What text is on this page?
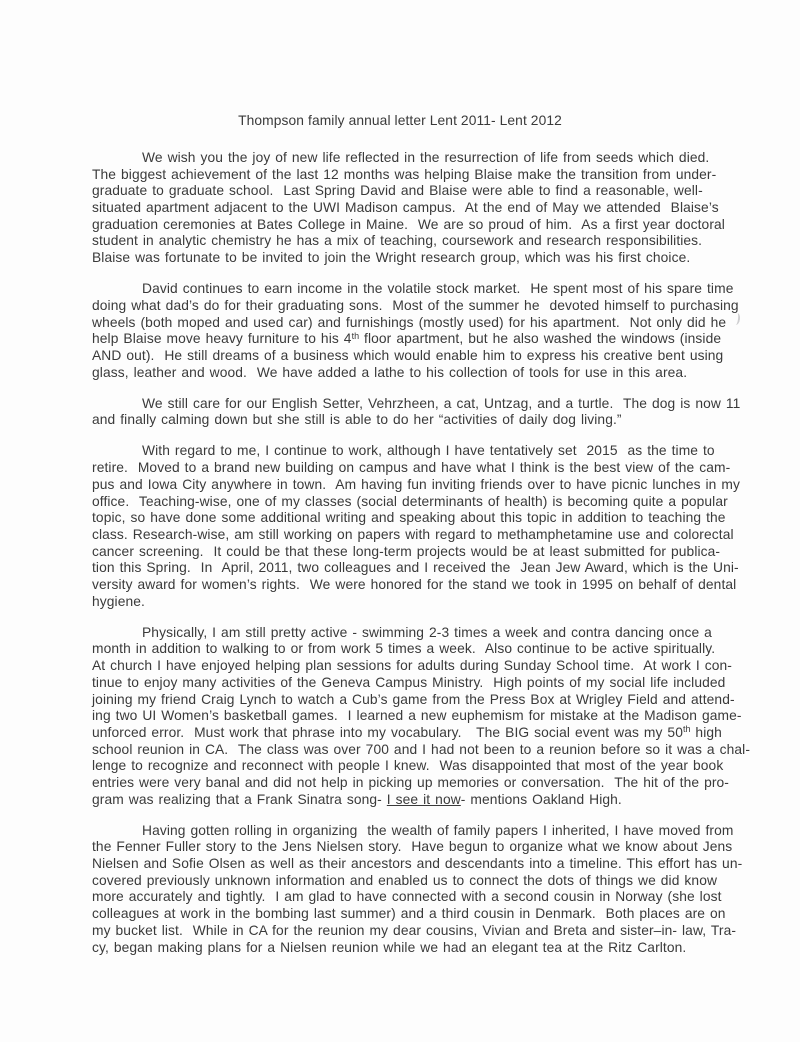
Thompson family annual letter Lent 2011- Lent 2012
We wish you the joy of new life reflected in the resurrection of life from seeds which died.
The biggest achievement of the last 12 months was helping Blaise make the transition from under-
graduate to graduate school.  Last Spring David and Blaise were able to find a reasonable, well-
situated apartment adjacent to the UWI Madison campus.  At the end of May we attended  Blaise’s
graduation ceremonies at Bates College in Maine.  We are so proud of him.  As a first year doctoral
student in analytic chemistry he has a mix of teaching, coursework and research responsibilities.
Blaise was fortunate to be invited to join the Wright research group, which was his first choice.
David continues to earn income in the volatile stock market.  He spent most of his spare time
doing what dad’s do for their graduating sons.  Most of the summer he  devoted himself to purchasing
wheels (both moped and used car) and furnishings (mostly used) for his apartment.  Not only did he
help Blaise move heavy furniture to his 4th floor apartment, but he also washed the windows (inside
AND out).  He still dreams of a business which would enable him to express his creative bent using
glass, leather and wood.  We have added a lathe to his collection of tools for use in this area.
We still care for our English Setter, Vehrzheen, a cat, Untzag, and a turtle.  The dog is now 11
and finally calming down but she still is able to do her “activities of daily dog living.”
With regard to me, I continue to work, although I have tentatively set  2015  as the time to
retire.  Moved to a brand new building on campus and have what I think is the best view of the cam-
pus and Iowa City anywhere in town.  Am having fun inviting friends over to have picnic lunches in my
office.  Teaching-wise, one of my classes (social determinants of health) is becoming quite a popular
topic, so have done some additional writing and speaking about this topic in addition to teaching the
class. Research-wise, am still working on papers with regard to methamphetamine use and colorectal
cancer screening.  It could be that these long-term projects would be at least submitted for publica-
tion this Spring.  In  April, 2011, two colleagues and I received the  Jean Jew Award, which is the Uni-
versity award for women’s rights.  We were honored for the stand we took in 1995 on behalf of dental
hygiene.
Physically, I am still pretty active - swimming 2-3 times a week and contra dancing once a
month in addition to walking to or from work 5 times a week.  Also continue to be active spiritually.
At church I have enjoyed helping plan sessions for adults during Sunday School time.  At work I con-
tinue to enjoy many activities of the Geneva Campus Ministry.  High points of my social life included
joining my friend Craig Lynch to watch a Cub’s game from the Press Box at Wrigley Field and attend-
ing two UI Women’s basketball games.  I learned a new euphemism for mistake at the Madison game-
unforced error.  Must work that phrase into my vocabulary.   The BIG social event was my 50th high
school reunion in CA.  The class was over 700 and I had not been to a reunion before so it was a chal-
lenge to recognize and reconnect with people I knew.  Was disappointed that most of the year book
entries were very banal and did not help in picking up memories or conversation.  The hit of the pro-
gram was realizing that a Frank Sinatra song- I see it now- mentions Oakland High.
Having gotten rolling in organizing  the wealth of family papers I inherited, I have moved from
the Fenner Fuller story to the Jens Nielsen story.  Have begun to organize what we know about Jens
Nielsen and Sofie Olsen as well as their ancestors and descendants into a timeline. This effort has un-
covered previously unknown information and enabled us to connect the dots of things we did know
more accurately and tightly.  I am glad to have connected with a second cousin in Norway (she lost
colleagues at work in the bombing last summer) and a third cousin in Denmark.  Both places are on
my bucket list.  While in CA for the reunion my dear cousins, Vivian and Breta and sister–in- law, Tra-
cy, began making plans for a Nielsen reunion while we had an elegant tea at the Ritz Carlton.
